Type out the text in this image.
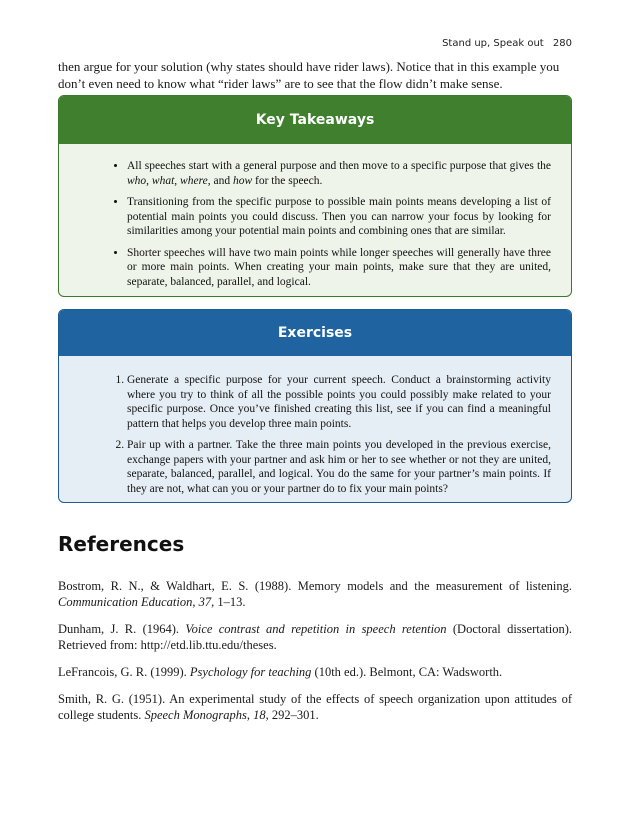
Stand up, Speak out 280

then argue for your solution (why states should have rider laws). Notice that in this example you don’t even need to know what “rider laws” are to see that the flow didn’t make sense.

Key Takeaways
• All speeches start with a general purpose and then move to a specific purpose that gives the who, what, where, and how for the speech.
• Transitioning from the specific purpose to possible main points means developing a list of potential main points you could discuss. Then you can narrow your focus by looking for similarities among your potential main points and combining ones that are similar.
• Shorter speeches will have two main points while longer speeches will generally have three or more main points. When creating your main points, make sure that they are united, separate, balanced, parallel, and logical.
Exercises
1. Generate a specific purpose for your current speech. Conduct a brainstorming activity where you try to think of all the possible points you could possibly make related to your specific purpose. Once you’ve finished creating this list, see if you can find a meaningful pattern that helps you develop three main points.
2. Pair up with a partner. Take the three main points you developed in the previous exercise, exchange papers with your partner and ask him or her to see whether or not they are united, separate, balanced, parallel, and logical. You do the same for your partner’s main points. If they are not, what can you or your partner do to fix your main points?
References

Bostrom, R. N., & Waldhart, E. S. (1988). Memory models and the measurement of listening. Communication Education, 37, 1–13.

Dunham, J. R. (1964). Voice contrast and repetition in speech retention (Doctoral dissertation). Retrieved from: http://etd.lib.ttu.edu/theses.

LeFrancois, G. R. (1999). Psychology for teaching (10th ed.). Belmont, CA: Wadsworth.

Smith, R. G. (1951). An experimental study of the effects of speech organization upon attitudes of college students. Speech Monographs, 18, 292–301.
